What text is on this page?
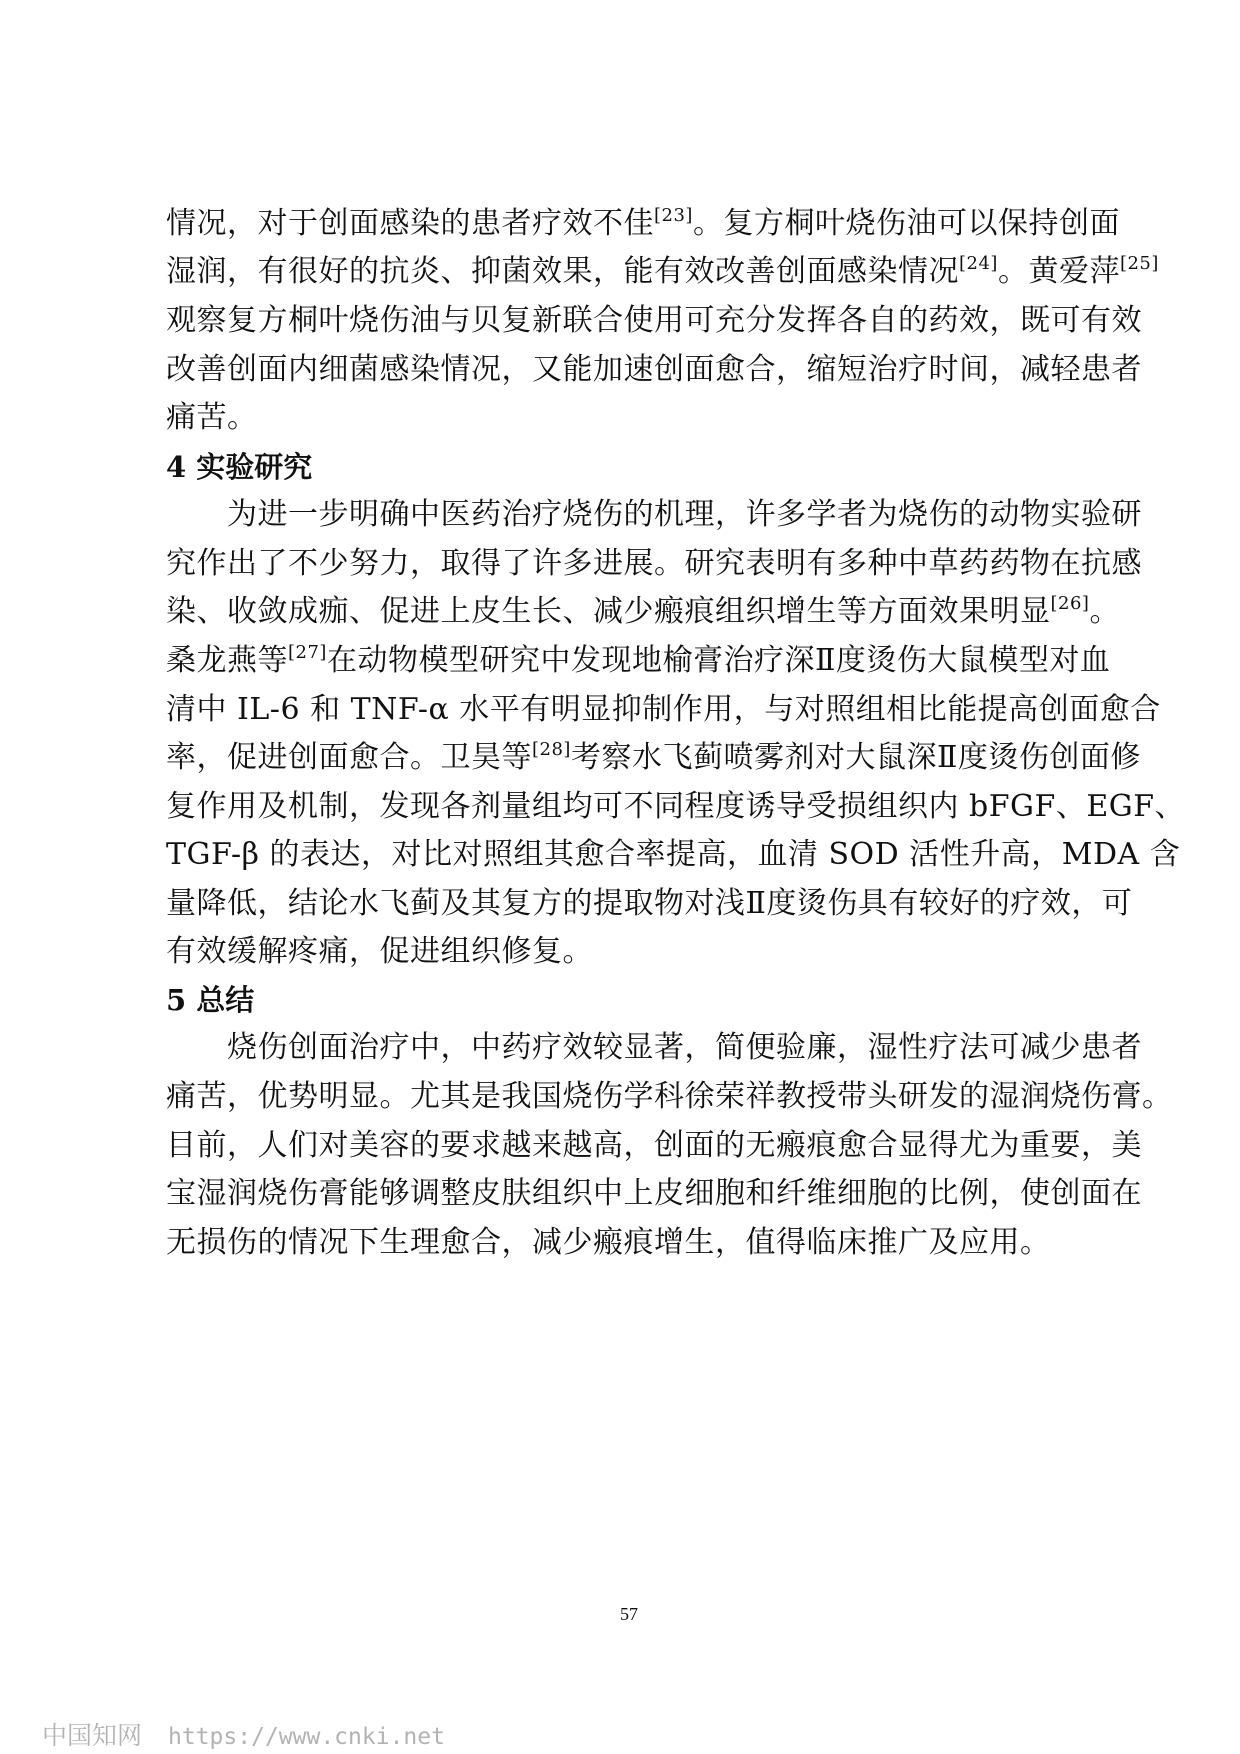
情况，对于创面感染的患者疗效不佳[23]。复方桐叶烧伤油可以保持创面
湿润，有很好的抗炎、抑菌效果，能有效改善创面感染情况[24]。黄爱萍[25]
观察复方桐叶烧伤油与贝复新联合使用可充分发挥各自的药效，既可有效
改善创面内细菌感染情况，又能加速创面愈合，缩短治疗时间，减轻患者
痛苦。
4 实验研究
　　为进一步明确中医药治疗烧伤的机理，许多学者为烧伤的动物实验研
究作出了不少努力，取得了许多进展。研究表明有多种中草药药物在抗感
染、收敛成痂、促进上皮生长、减少瘢痕组织增生等方面效果明显[26]。
桑龙燕等[27]在动物模型研究中发现地榆膏治疗深Ⅱ度烫伤大鼠模型对血
清中 IL-6 和 TNF-α 水平有明显抑制作用，与对照组相比能提高创面愈合
率，促进创面愈合。卫昊等[28]考察水飞蓟喷雾剂对大鼠深Ⅱ度烫伤创面修
复作用及机制，发现各剂量组均可不同程度诱导受损组织内 bFGF、EGF、
TGF-β 的表达，对比对照组其愈合率提高，血清 SOD 活性升高，MDA 含
量降低，结论水飞蓟及其复方的提取物对浅Ⅱ度烫伤具有较好的疗效，可
有效缓解疼痛，促进组织修复。
5 总结
　　烧伤创面治疗中，中药疗效较显著，简便验廉，湿性疗法可减少患者
痛苦，优势明显。尤其是我国烧伤学科徐荣祥教授带头研发的湿润烧伤膏。
目前，人们对美容的要求越来越高，创面的无瘢痕愈合显得尤为重要，美
宝湿润烧伤膏能够调整皮肤组织中上皮细胞和纤维细胞的比例，使创面在
无损伤的情况下生理愈合，减少瘢痕增生，值得临床推广及应用。
57
中国知网 https://www.cnki.net
